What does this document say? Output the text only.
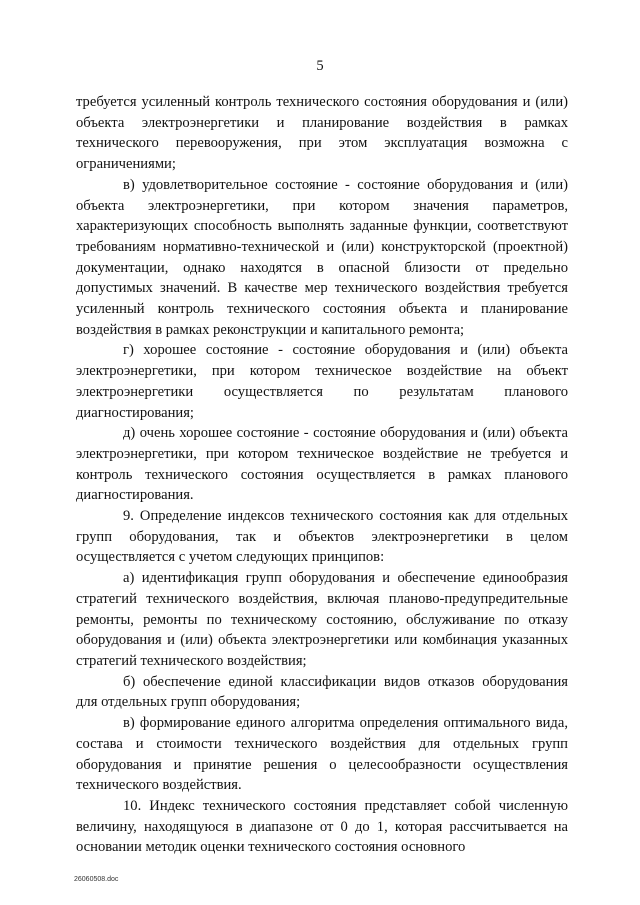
5

требуется усиленный контроль технического состояния оборудования и (или) объекта электроэнергетики и планирование воздействия в рамках технического перевооружения, при этом эксплуатация возможна с ограничениями;

в) удовлетворительное состояние - состояние оборудования и (или) объекта электроэнергетики, при котором значения параметров, характеризующих способность выполнять заданные функции, соответствуют требованиям нормативно-технической и (или) конструкторской (проектной) документации, однако находятся в опасной близости от предельно допустимых значений. В качестве мер технического воздействия требуется усиленный контроль технического состояния объекта и планирование воздействия в рамках реконструкции и капитального ремонта;

г) хорошее состояние - состояние оборудования и (или) объекта электроэнергетики, при котором техническое воздействие на объект электроэнергетики осуществляется по результатам планового диагностирования;

д) очень хорошее состояние - состояние оборудования и (или) объекта электроэнергетики, при котором техническое воздействие не требуется и контроль технического состояния осуществляется в рамках планового диагностирования.

9. Определение индексов технического состояния как для отдельных групп оборудования, так и объектов электроэнергетики в целом осуществляется с учетом следующих принципов:

а) идентификация групп оборудования и обеспечение единообразия стратегий технического воздействия, включая планово-предупредительные ремонты, ремонты по техническому состоянию, обслуживание по отказу оборудования и (или) объекта электроэнергетики или комбинация указанных стратегий технического воздействия;

б) обеспечение единой классификации видов отказов оборудования для отдельных групп оборудования;

в) формирование единого алгоритма определения оптимального вида, состава и стоимости технического воздействия для отдельных групп оборудования и принятие решения о целесообразности осуществления технического воздействия.

10. Индекс технического состояния представляет собой численную величину, находящуюся в диапазоне от 0 до 1, которая рассчитывается на основании методик оценки технического состояния основного

26060508.doc
